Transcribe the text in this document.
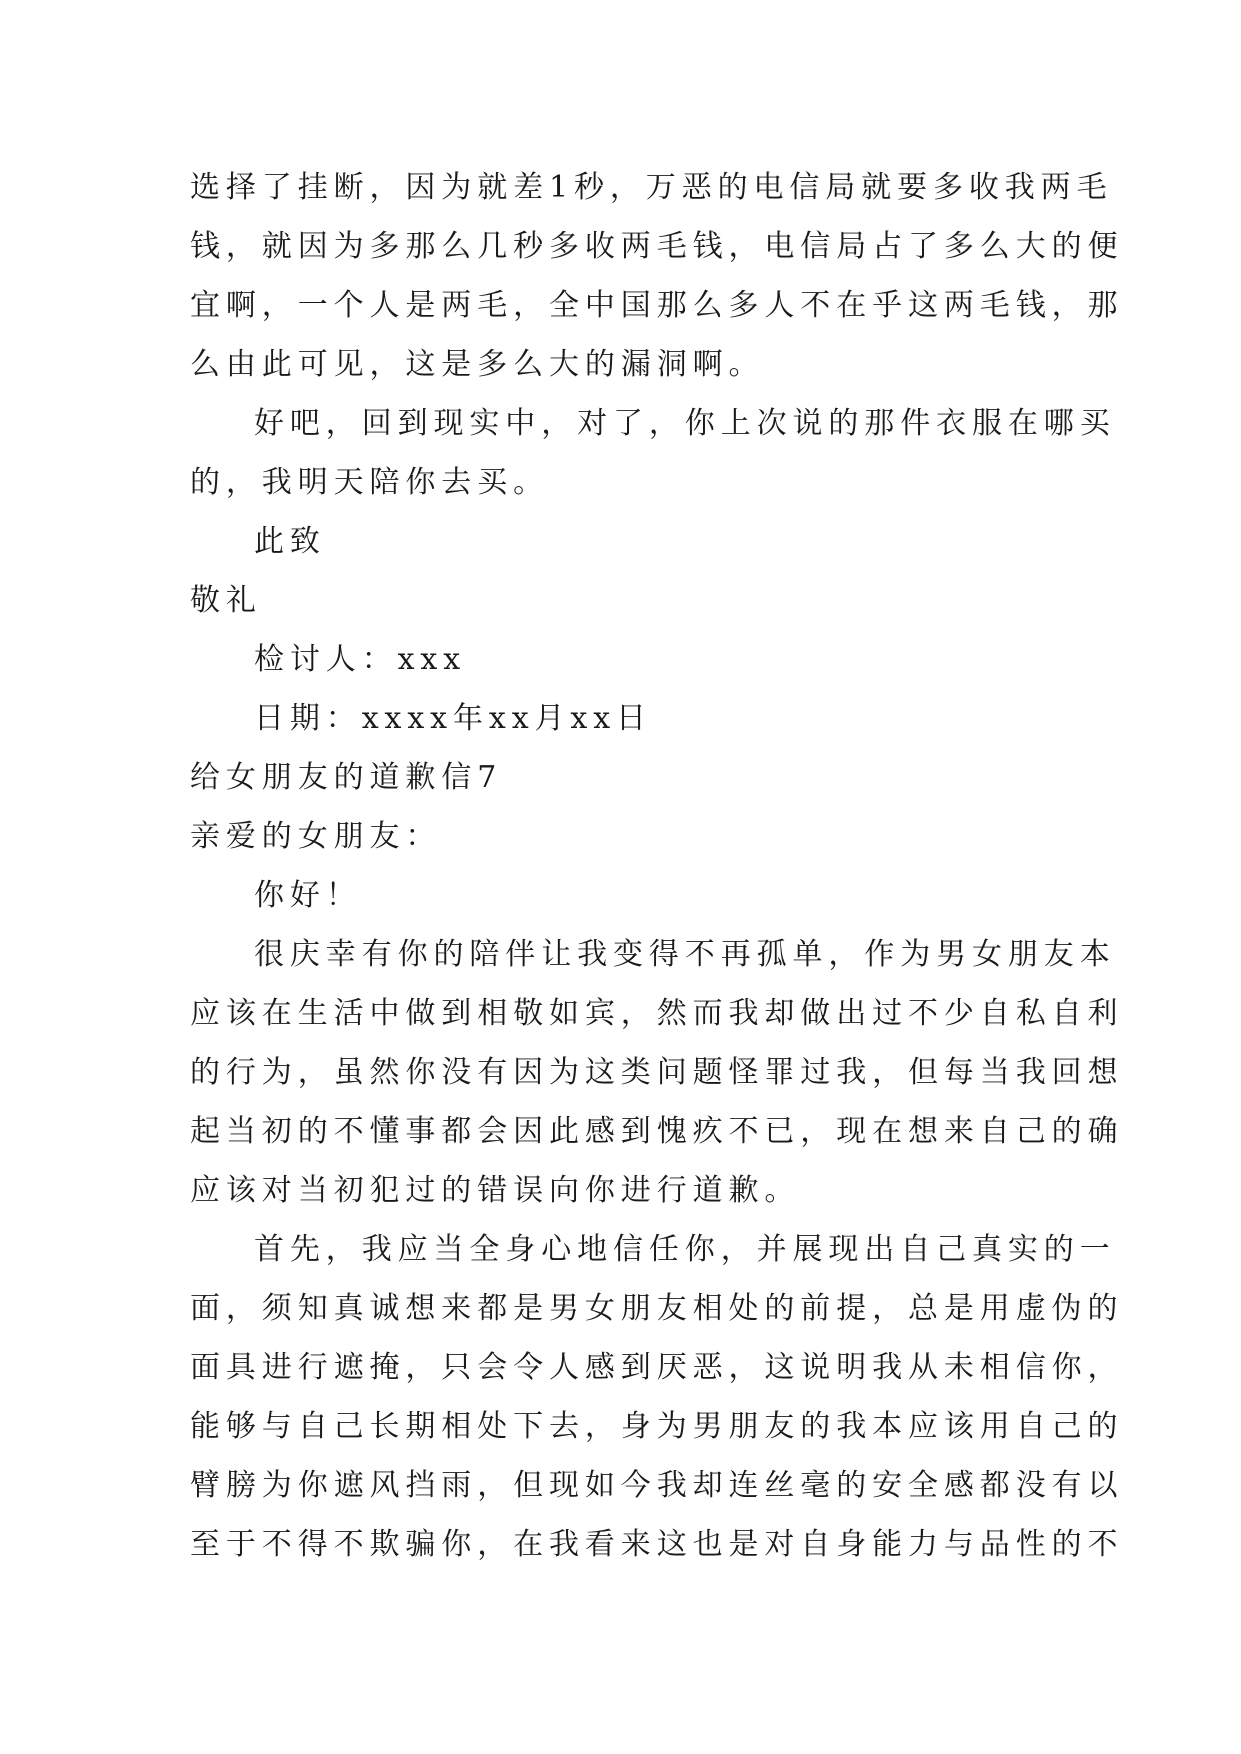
选择了挂断，因为就差1秒，万恶的电信局就要多收我两毛
钱，就因为多那么几秒多收两毛钱，电信局占了多么大的便
宜啊，一个人是两毛，全中国那么多人不在乎这两毛钱，那
么由此可见，这是多么大的漏洞啊。
好吧，回到现实中，对了，你上次说的那件衣服在哪买
的，我明天陪你去买。
此致
敬礼
检讨人：xxx
日期：xxxx年xx月xx日
给女朋友的道歉信7
亲爱的女朋友：
你好！
很庆幸有你的陪伴让我变得不再孤单，作为男女朋友本
应该在生活中做到相敬如宾，然而我却做出过不少自私自利
的行为，虽然你没有因为这类问题怪罪过我，但每当我回想
起当初的不懂事都会因此感到愧疚不已，现在想来自己的确
应该对当初犯过的错误向你进行道歉。
首先，我应当全身心地信任你，并展现出自己真实的一
面，须知真诚想来都是男女朋友相处的前提，总是用虚伪的
面具进行遮掩，只会令人感到厌恶，这说明我从未相信你，
能够与自己长期相处下去，身为男朋友的我本应该用自己的
臂膀为你遮风挡雨，但现如今我却连丝毫的安全感都没有以
至于不得不欺骗你，在我看来这也是对自身能力与品性的不
